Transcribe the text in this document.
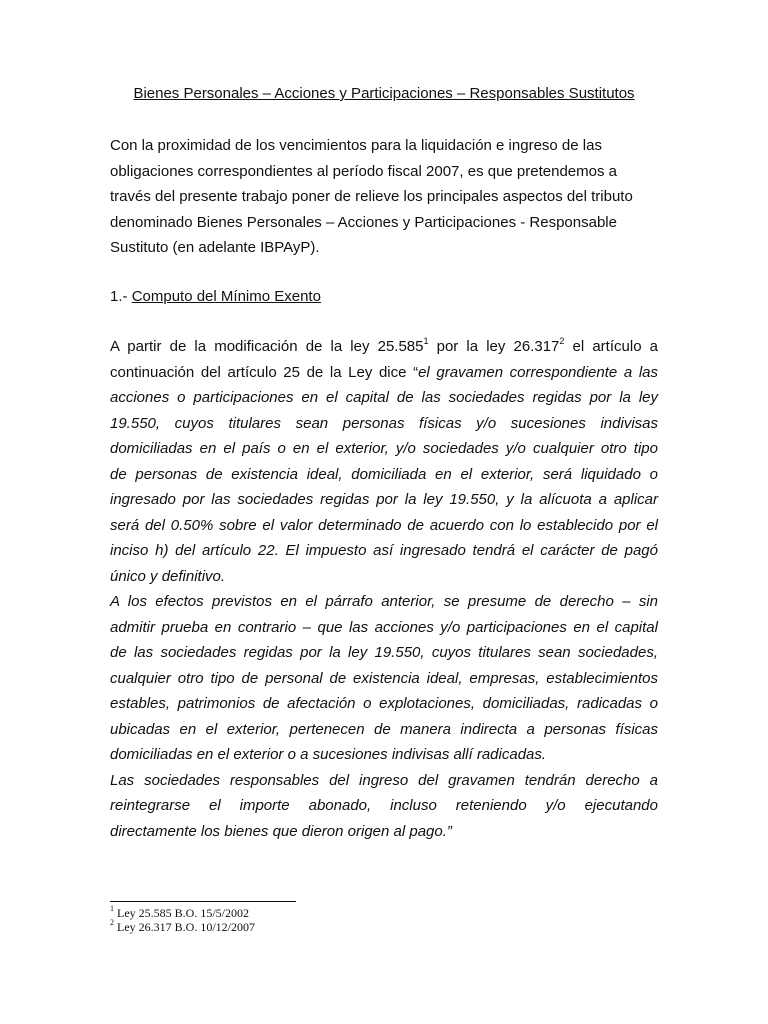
Bienes Personales – Acciones y Participaciones – Responsables Sustitutos
Con la proximidad de los vencimientos para la liquidación e ingreso de las
obligaciones correspondientes al período fiscal 2007, es que pretendemos a
través del presente trabajo poner de relieve los principales aspectos del tributo
denominado Bienes Personales – Acciones y Participaciones - Responsable
Sustituto (en adelante IBPAyP).
1.- Computo del Mínimo Exento
A partir de la modificación de la ley 25.585$^1$ por la ley 26.317$^2$ el artículo a
continuación del artículo 25 de la Ley dice “el gravamen correspondiente a las
acciones o participaciones en el capital de las sociedades regidas por la ley
19.550, cuyos titulares sean personas físicas y/o sucesiones indivisas
domiciliadas en el país o en el exterior, y/o sociedades y/o cualquier otro tipo
de personas de existencia ideal, domiciliada en el exterior, será liquidado o
ingresado por las sociedades regidas por la ley 19.550, y la alícuota a aplicar
será del 0.50% sobre el valor determinado de acuerdo con lo establecido por el
inciso h) del artículo 22. El impuesto así ingresado tendrá el carácter de pagó
único y definitivo.
A los efectos previstos en el párrafo anterior, se presume de derecho – sin
admitir prueba en contrario – que las acciones y/o participaciones en el capital
de las sociedades regidas por la ley 19.550, cuyos titulares sean sociedades,
cualquier otro tipo de personal de existencia ideal, empresas, establecimientos
estables, patrimonios de afectación o explotaciones, domiciliadas, radicadas o
ubicadas en el exterior, pertenecen de manera indirecta a personas físicas
domiciliadas en el exterior o a sucesiones indivisas allí radicadas.
Las sociedades responsables del ingreso del gravamen tendrán derecho a
reintegrarse el importe abonado, incluso reteniendo y/o ejecutando
directamente los bienes que dieron origen al pago.”
$^1$ Ley 25.585 B.O. 15/5/2002
$^2$ Ley 26.317 B.O. 10/12/2007
